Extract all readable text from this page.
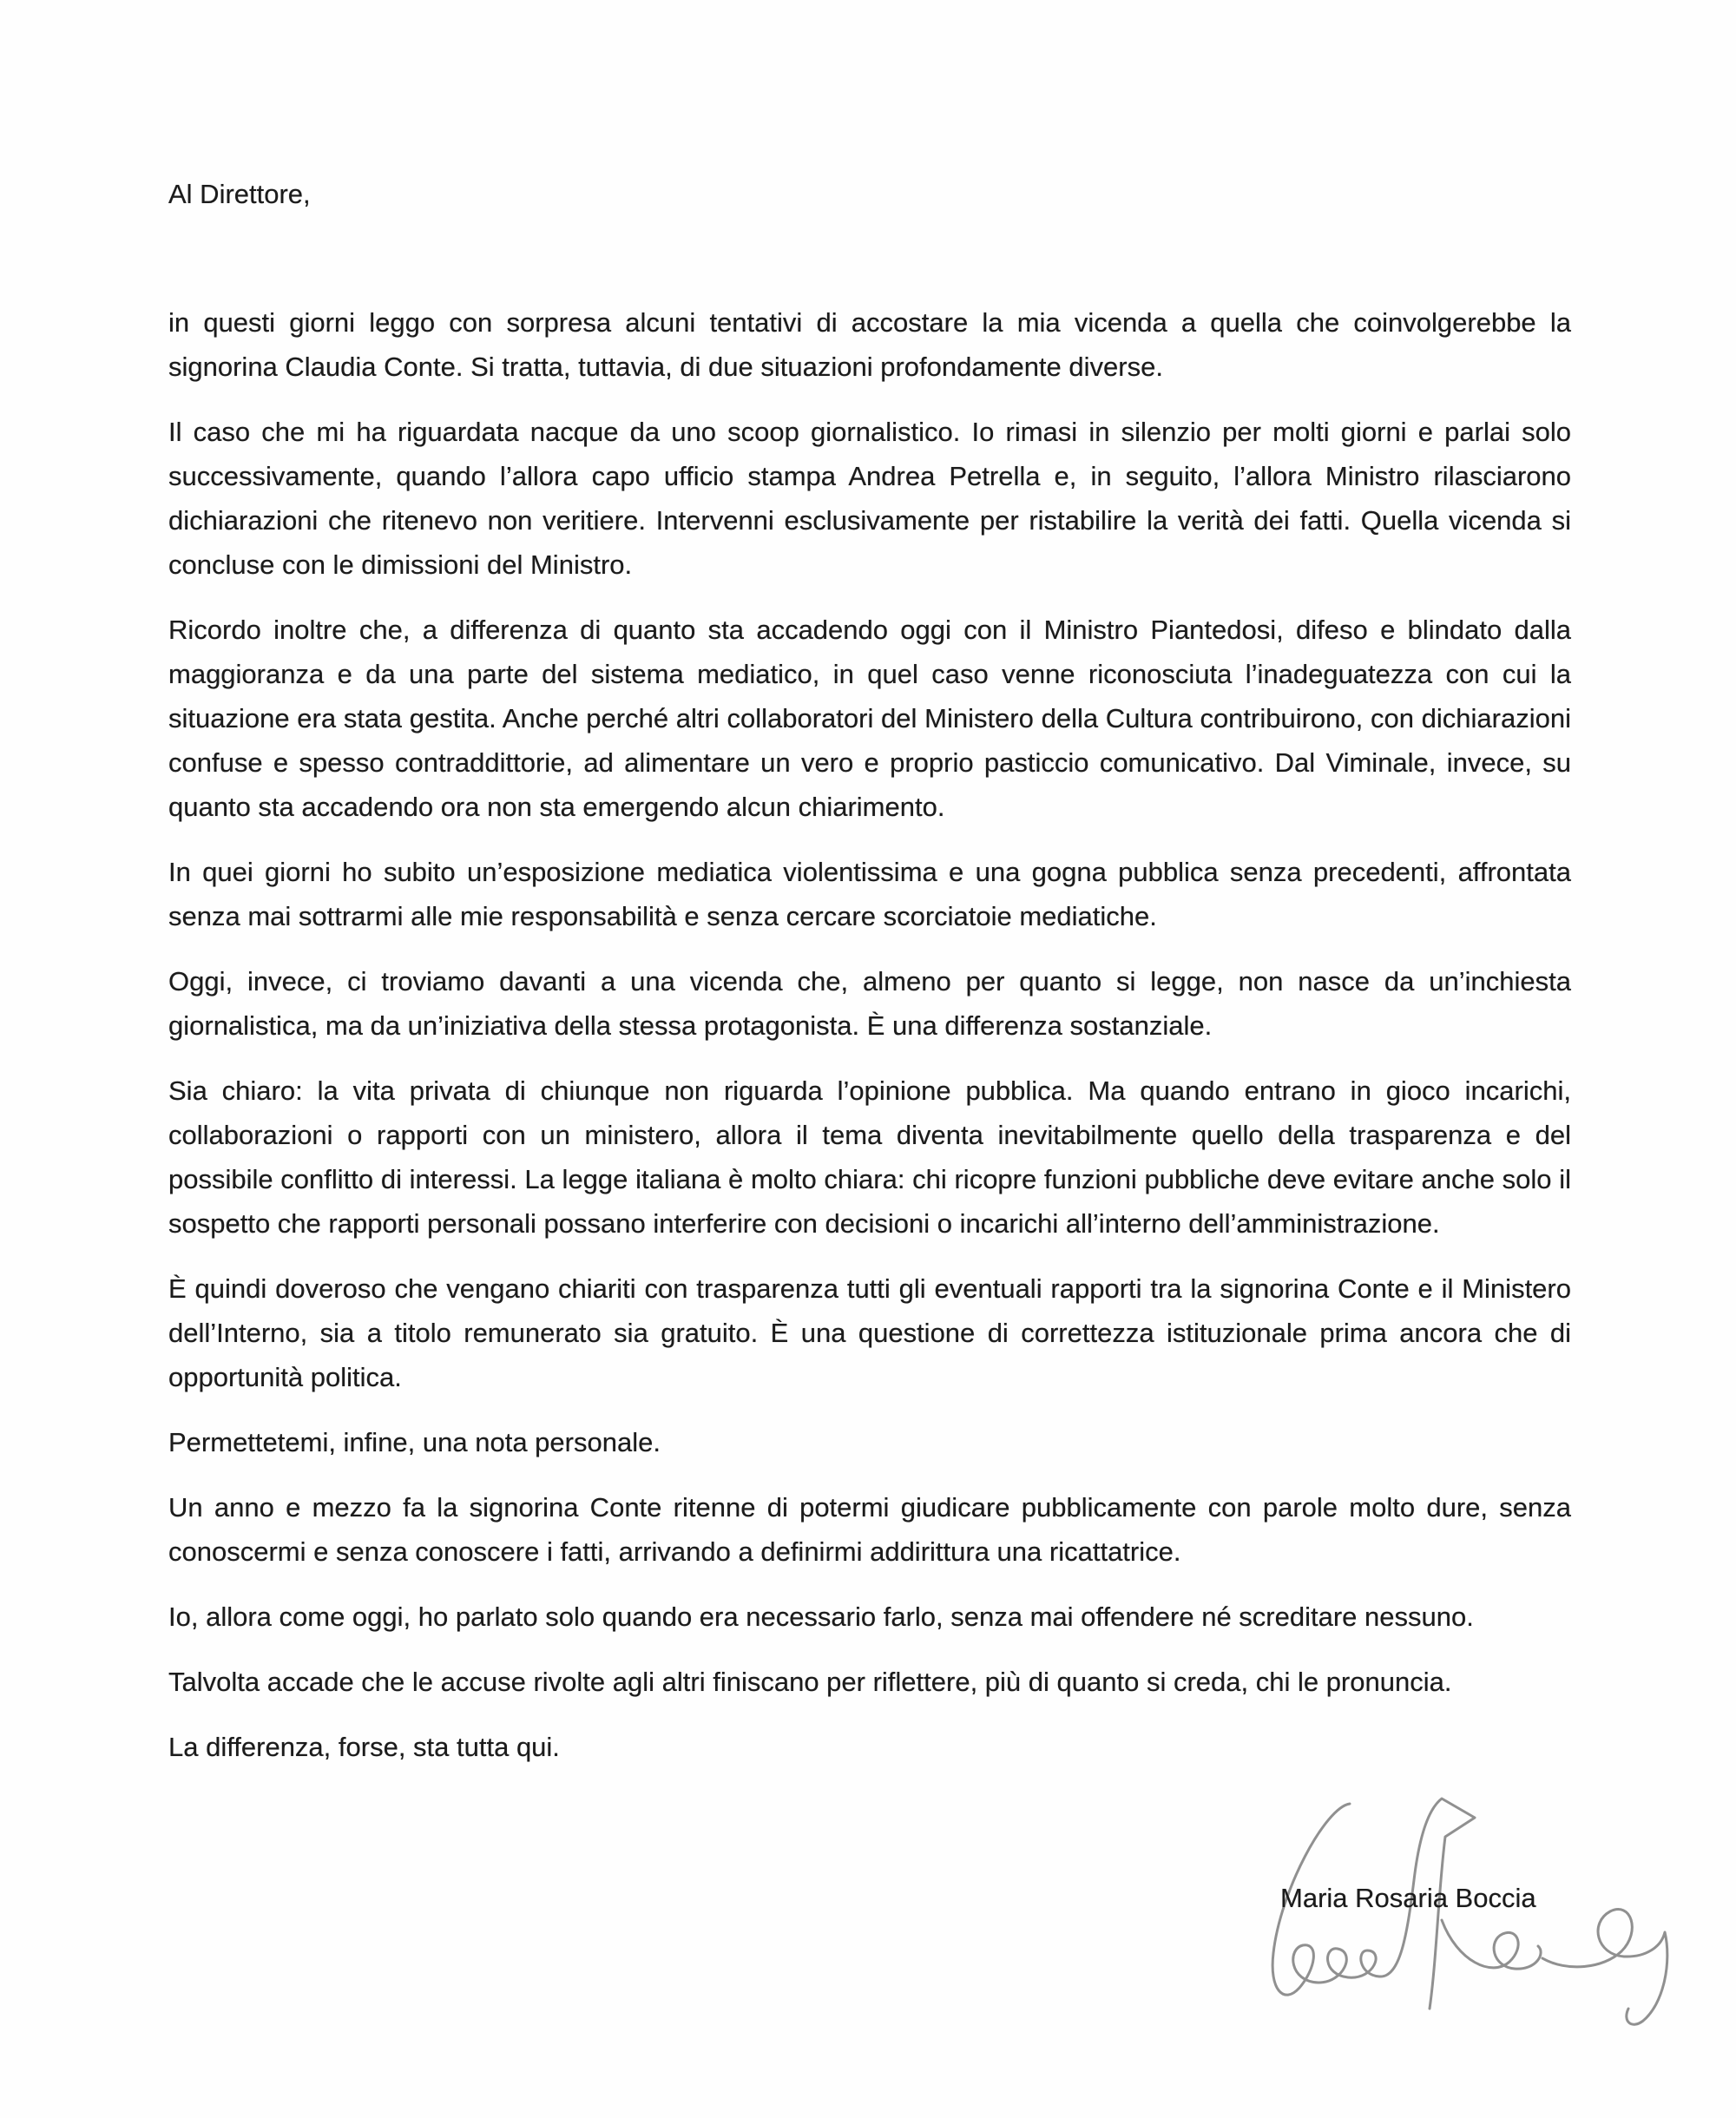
Al Direttore,

in questi giorni leggo con sorpresa alcuni tentativi di accostare la mia vicenda a quella che coinvolgerebbe la signorina Claudia Conte. Si tratta, tuttavia, di due situazioni profondamente diverse.

Il caso che mi ha riguardata nacque da uno scoop giornalistico. Io rimasi in silenzio per molti giorni e parlai solo successivamente, quando l’allora capo ufficio stampa Andrea Petrella e, in seguito, l’allora Ministro rilasciarono dichiarazioni che ritenevo non veritiere. Intervenni esclusivamente per ristabilire la verità dei fatti. Quella vicenda si concluse con le dimissioni del Ministro.

Ricordo inoltre che, a differenza di quanto sta accadendo oggi con il Ministro Piantedosi, difeso e blindato dalla maggioranza e da una parte del sistema mediatico, in quel caso venne riconosciuta l’inadeguatezza con cui la situazione era stata gestita. Anche perché altri collaboratori del Ministero della Cultura contribuirono, con dichiarazioni confuse e spesso contraddittorie, ad alimentare un vero e proprio pasticcio comunicativo. Dal Viminale, invece, su quanto sta accadendo ora non sta emergendo alcun chiarimento.

In quei giorni ho subito un’esposizione mediatica violentissima e una gogna pubblica senza precedenti, affrontata senza mai sottrarmi alle mie responsabilità e senza cercare scorciatoie mediatiche.

Oggi, invece, ci troviamo davanti a una vicenda che, almeno per quanto si legge, non nasce da un’inchiesta giornalistica, ma da un’iniziativa della stessa protagonista. È una differenza sostanziale.

Sia chiaro: la vita privata di chiunque non riguarda l’opinione pubblica. Ma quando entrano in gioco incarichi, collaborazioni o rapporti con un ministero, allora il tema diventa inevitabilmente quello della trasparenza e del possibile conflitto di interessi. La legge italiana è molto chiara: chi ricopre funzioni pubbliche deve evitare anche solo il sospetto che rapporti personali possano interferire con decisioni o incarichi all’interno dell’amministrazione.

È quindi doveroso che vengano chiariti con trasparenza tutti gli eventuali rapporti tra la signorina Conte e il Ministero dell’Interno, sia a titolo remunerato sia gratuito. È una questione di correttezza istituzionale prima ancora che di opportunità politica.

Permettetemi, infine, una nota personale.

Un anno e mezzo fa la signorina Conte ritenne di potermi giudicare pubblicamente con parole molto dure, senza conoscermi e senza conoscere i fatti, arrivando a definirmi addirittura una ricattatrice.

Io, allora come oggi, ho parlato solo quando era necessario farlo, senza mai offendere né screditare nessuno.

Talvolta accade che le accuse rivolte agli altri finiscano per riflettere, più di quanto si creda, chi le pronuncia.

La differenza, forse, sta tutta qui.

Maria Rosaria Boccia
